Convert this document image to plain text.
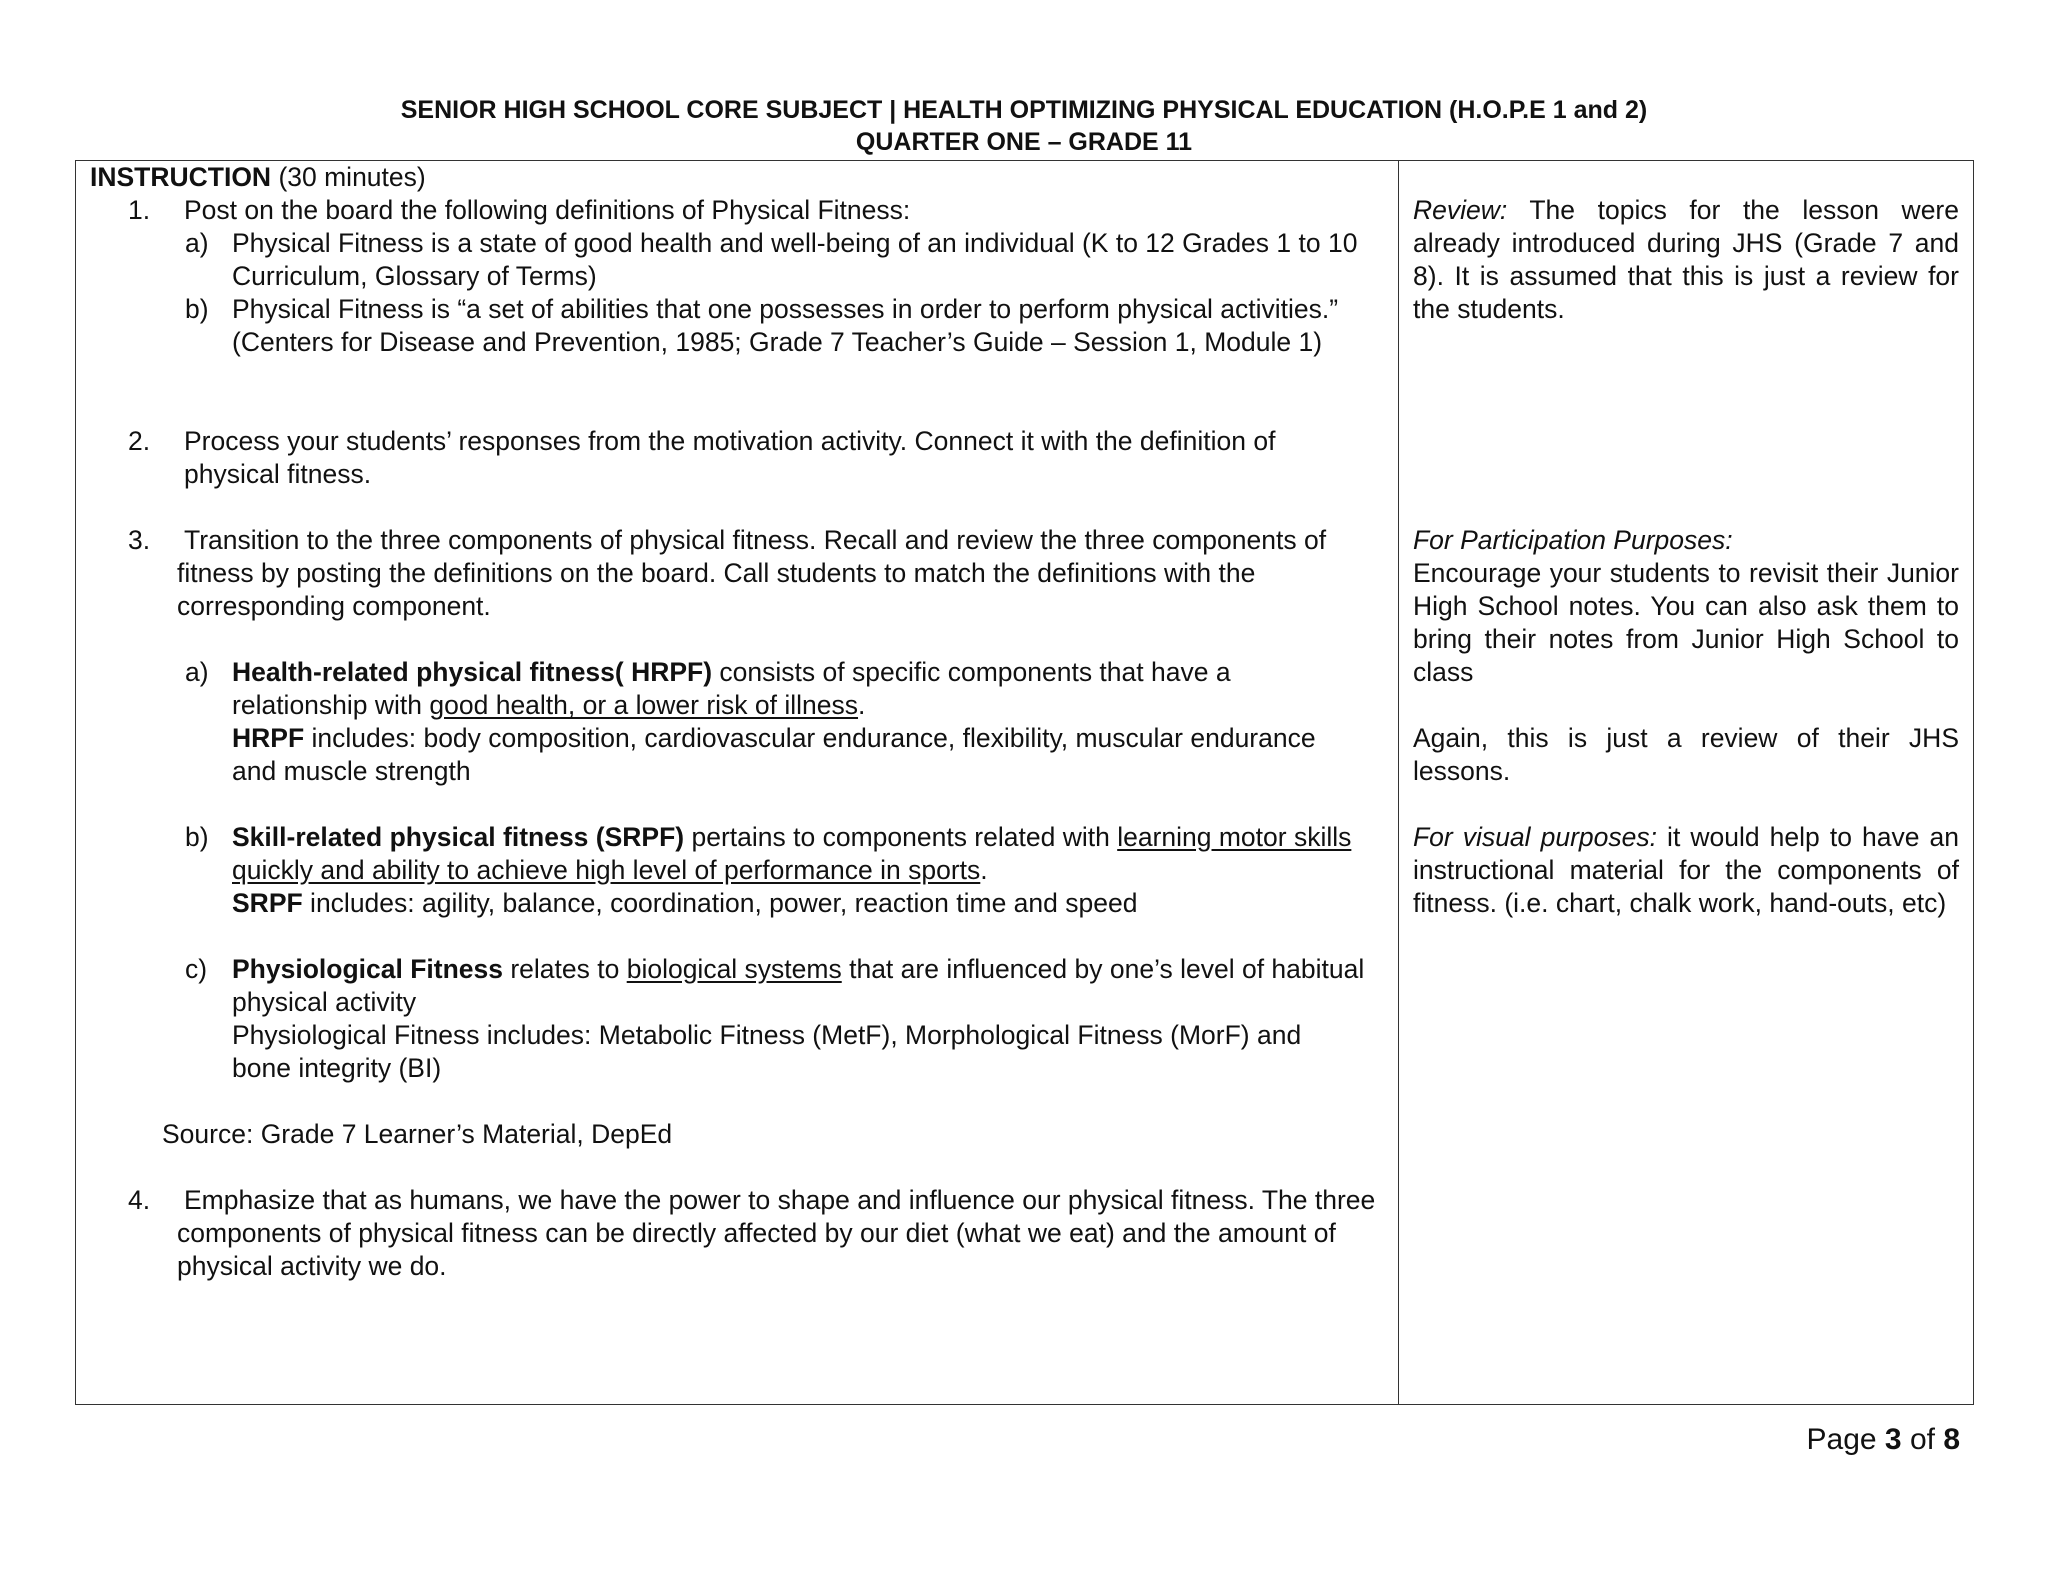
SENIOR HIGH SCHOOL CORE SUBJECT | HEALTH OPTIMIZING PHYSICAL EDUCATION (H.O.P.E 1 and 2)
QUARTER ONE – GRADE 11

INSTRUCTION (30 minutes)

1. Post on the board the following definitions of Physical Fitness:

a) Physical Fitness is a state of good health and well-being of an individual (K to 12 Grades 1 to 10 Curriculum, Glossary of Terms)

b) Physical Fitness is “a set of abilities that one possesses in order to perform physical activities.” (Centers for Disease and Prevention, 1985; Grade 7 Teacher’s Guide – Session 1, Module 1)

2. Process your students’ responses from the motivation activity. Connect it with the definition of physical fitness.

3. Transition to the three components of physical fitness. Recall and review the three components of fitness by posting the definitions on the board. Call students to match the definitions with the corresponding component.

a) Health-related physical fitness( HRPF) consists of specific components that have a relationship with good health, or a lower risk of illness.

HRPF includes: body composition, cardiovascular endurance, flexibility, muscular endurance and muscle strength

b) Skill-related physical fitness (SRPF) pertains to components related with learning motor skills quickly and ability to achieve high level of performance in sports.

SRPF includes: agility, balance, coordination, power, reaction time and speed

c) Physiological Fitness relates to biological systems that are influenced by one’s level of habitual physical activity

Physiological Fitness includes: Metabolic Fitness (MetF), Morphological Fitness (MorF) and bone integrity (BI)

Source: Grade 7 Learner’s Material, DepEd

4. Emphasize that as humans, we have the power to shape and influence our physical fitness. The three components of physical fitness can be directly affected by our diet (what we eat) and the amount of physical activity we do.

Review: The topics for the lesson were already introduced during JHS (Grade 7 and 8). It is assumed that this is just a review for the students.

For Participation Purposes:

Encourage your students to revisit their Junior High School notes. You can also ask them to bring their notes from Junior High School to class

Again, this is just a review of their JHS lessons.

For visual purposes: it would help to have an instructional material for the components of fitness. (i.e. chart, chalk work, hand-outs, etc)

Page 3 of 8
